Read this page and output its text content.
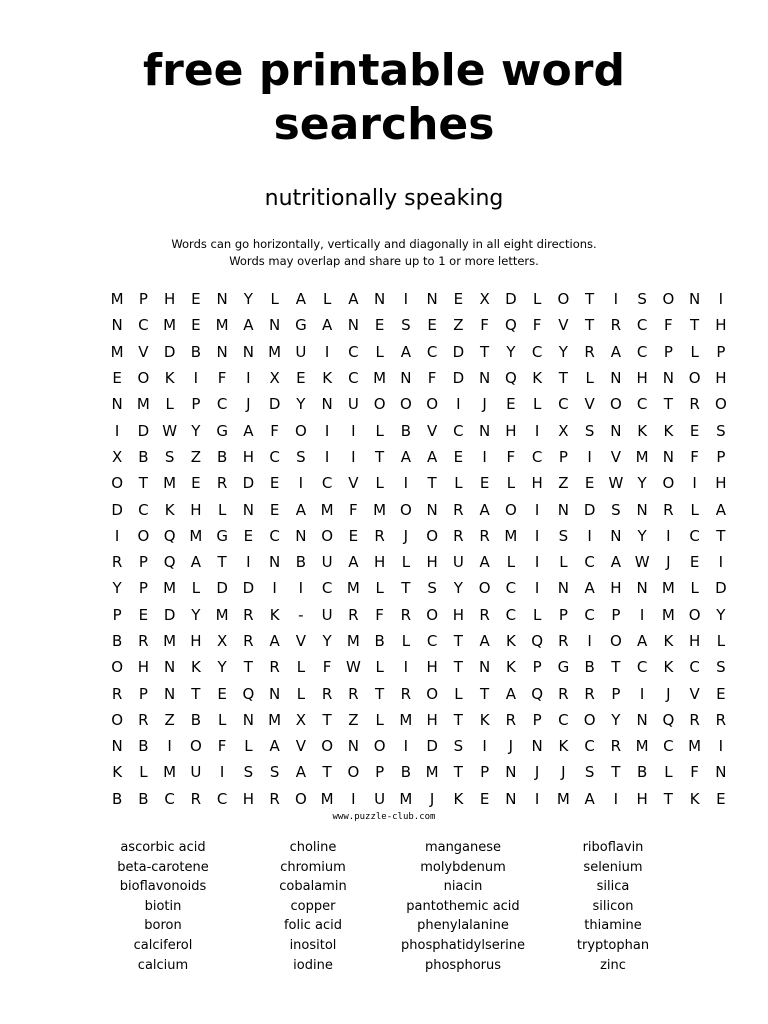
free printable word
searches
nutritionally speaking
Words can go horizontally, vertically and diagonally in all eight directions.
Words may overlap and share up to 1 or more letters.
M	P	H	E	N	Y	L	A	L	A	N	I	N	E	X	D	L	O	T	I	S	O N	I
N	C M	E	M A	N G	A	N	E	S	E	Z	F	Q	F	V	T	R	C	F	T	H
M V	D	B	N	N M U	I	C	L	A	C	D	T	Y	C	Y	R	A	C	P	L	P
E	O	K	I	F	I	X	E	K	C M N	F	D N Q	K	T	L	N	H N O H
N M	L	P	C	J	D	Y	N	U O O O	I	J	E	L	C	V	O	C	T	R	O
I	D W Y	G	A	F	O	I	I	L	B	V	C	N	H	I	X	S	N	K	K	E	S
X	B	S	Z	B	H	C	S	I	I	T	A	A	E	I	F	C	P	I	V M N	F	P
O	T	M	E	R	D	E	I	C	V	L	I	T	L	E	L	H	Z	E W Y	O	I	H
D	C	K	H	L	N	E	A M	F	M O N	R	A	O	I	N D	S	N	R	L	A
I	O Q M G	E	C	N O	E	R	J	O	R	R M	I	S	I	N	Y	I	C	T
R	P	Q	A	T	I	N	B	U	A	H	L	H	U	A	L	I	L	C	A W	J	E	I
Y	P	M	L	D D	I	I	C M	L	T	S	Y	O	C	I	N	A	H N M	L	D
P	E	D	Y	M R	K	-	U	R	F	R	O H	R	C	L	P	C	P	I	M O	Y
B	R M H	X	R	A	V	Y	M B	L	C	T	A	K	Q	R	I	O	A	K	H	L
O H N	K	Y	T	R	L	F W L	I	H	T	N	K	P	G	B	T	C	K	C	S
R	P	N	T	E	Q N	L	R	R	T	R	O	L	T	A	Q	R	R	P	I	J	V	E
O	R	Z	B	L	N M X	T	Z	L	M H	T	K	R	P	C	O	Y	N Q	R	R
N	B	I	O	F	L	A	V	O N O	I	D	S	I	J	N	K	C	R M C M	I
K	L	M U	I	S	S	A	T	O	P	B M	T	P	N	J	J	S	T	B	L	F	N
B	B	C	R	C	H	R	O M	I	U M	J	K	E	N	I	M A	I	H	T	K	E
www.puzzle-club.com
ascorbic acid
beta-carotene
bioflavonoids
biotin
boron
calciferol
calcium
choline
chromium
cobalamin
copper
folic acid
inositol
iodine
manganese
molybdenum
niacin
pantothemic acid
phenylalanine
phosphatidylserine
phosphorus
riboflavin
selenium
silica
silicon
thiamine
tryptophan
zinc
